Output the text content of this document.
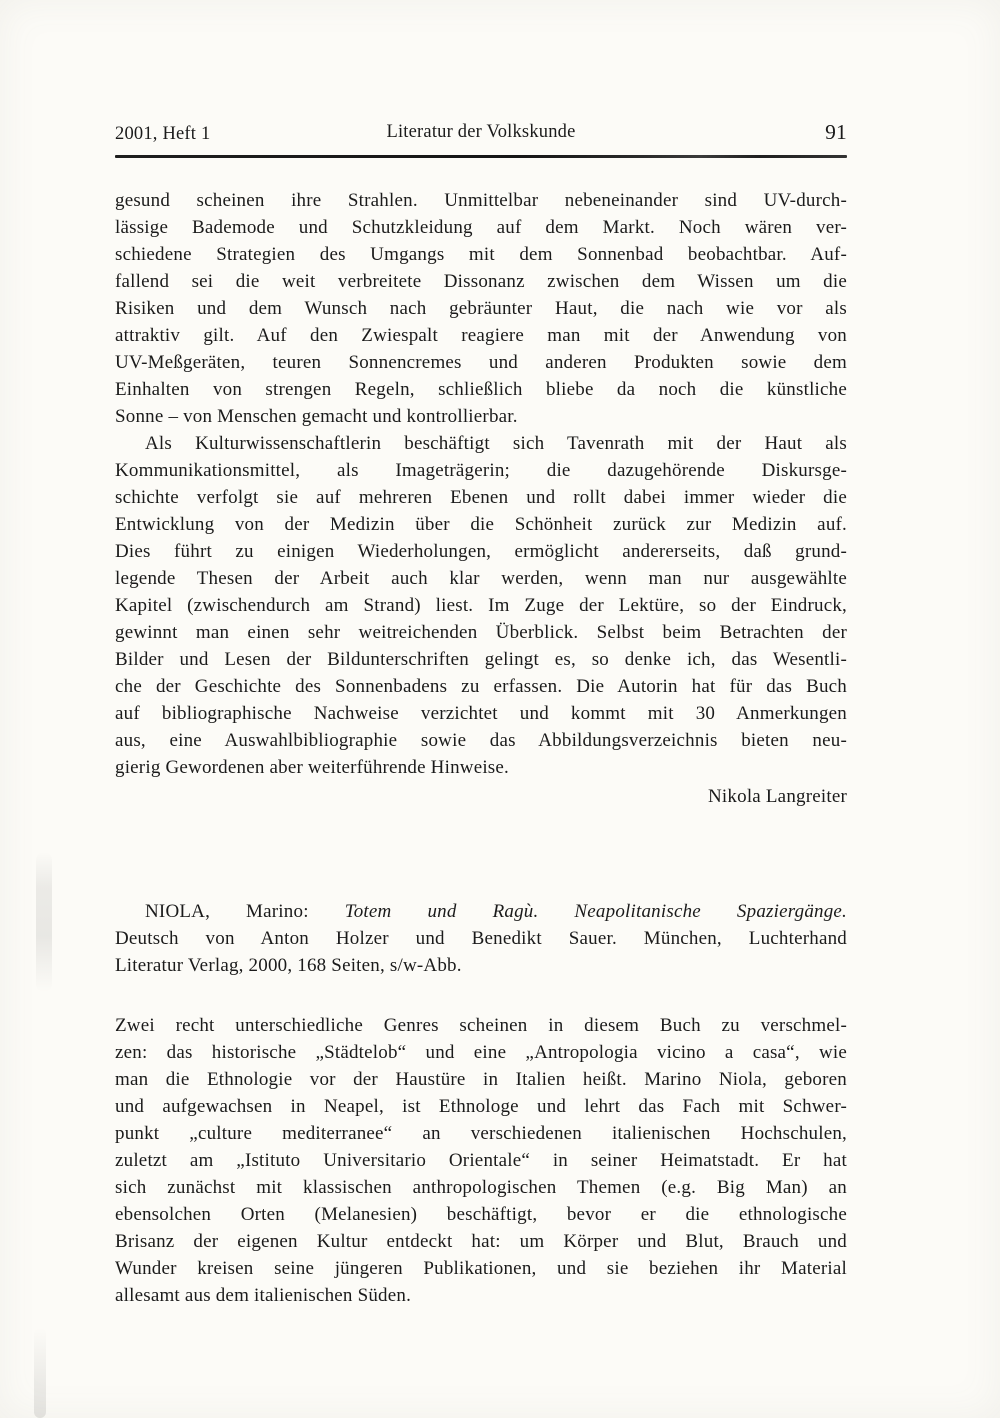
2001, Heft 1	Literatur der Volkskunde	91
gesund scheinen ihre Strahlen. Unmittelbar nebeneinander sind UV-durch-
lässige Bademode und Schutzkleidung auf dem Markt. Noch wären ver-
schiedene Strategien des Umgangs mit dem Sonnenbad beobachtbar. Auf-
fallend sei die weit verbreitete Dissonanz zwischen dem Wissen um die
Risiken und dem Wunsch nach gebräunter Haut, die nach wie vor als
attraktiv gilt. Auf den Zwiespalt reagiere man mit der Anwendung von
UV-Meßgeräten, teuren Sonnencremes und anderen Produkten sowie dem
Einhalten von strengen Regeln, schließlich bliebe da noch die künstliche
Sonne – von Menschen gemacht und kontrollierbar.
Als Kulturwissenschaftlerin beschäftigt sich Tavenrath mit der Haut als
Kommunikationsmittel, als Imageträgerin; die dazugehörende Diskursge-
schichte verfolgt sie auf mehreren Ebenen und rollt dabei immer wieder die
Entwicklung von der Medizin über die Schönheit zurück zur Medizin auf.
Dies führt zu einigen Wiederholungen, ermöglicht andererseits, daß grund-
legende Thesen der Arbeit auch klar werden, wenn man nur ausgewählte
Kapitel (zwischendurch am Strand) liest. Im Zuge der Lektüre, so der Eindruck,
gewinnt man einen sehr weitreichenden Überblick. Selbst beim Betrachten der
Bilder und Lesen der Bildunterschriften gelingt es, so denke ich, das Wesentli-
che der Geschichte des Sonnenbadens zu erfassen. Die Autorin hat für das Buch
auf bibliographische Nachweise verzichtet und kommt mit 30 Anmerkungen
aus, eine Auswahlbibliographie sowie das Abbildungsverzeichnis bieten neu-
gierig Gewordenen aber weiterführende Hinweise.
Nikola Langreiter
NIOLA, Marino: Totem und Ragù. Neapolitanische Spaziergänge.
Deutsch von Anton Holzer und Benedikt Sauer. München, Luchterhand
Literatur Verlag, 2000, 168 Seiten, s/w-Abb.
Zwei recht unterschiedliche Genres scheinen in diesem Buch zu verschmel-
zen: das historische „Städtelob“ und eine „Antropologia vicino a casa“, wie
man die Ethnologie vor der Haustüre in Italien heißt. Marino Niola, geboren
und aufgewachsen in Neapel, ist Ethnologe und lehrt das Fach mit Schwer-
punkt „culture mediterranee“ an verschiedenen italienischen Hochschulen,
zuletzt am „Istituto Universitario Orientale“ in seiner Heimatstadt. Er hat
sich zunächst mit klassischen anthropologischen Themen (e.g. Big Man) an
ebensolchen Orten (Melanesien) beschäftigt, bevor er die ethnologische
Brisanz der eigenen Kultur entdeckt hat: um Körper und Blut, Brauch und
Wunder kreisen seine jüngeren Publikationen, und sie beziehen ihr Material
allesamt aus dem italienischen Süden.
